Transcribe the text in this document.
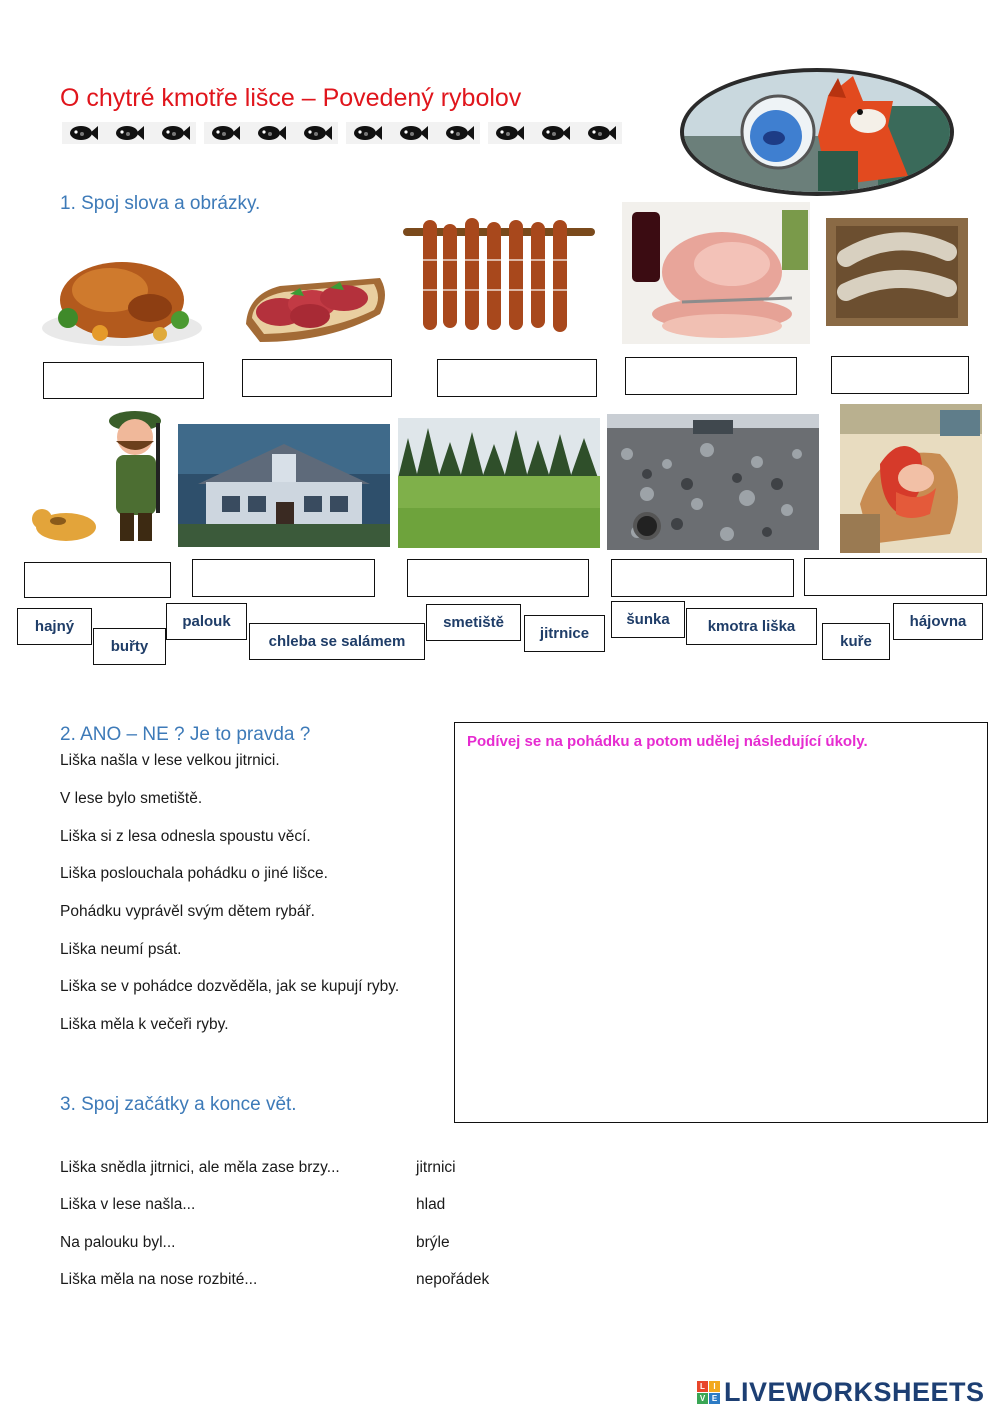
O chytré kmotře lišce – Povedený rybolov
1. Spoj slova a obrázky.
hajný
buřty
palouk
chleba se salámem
smetiště
jitrnice
šunka	kmotra liška
kuře
hájovna
2. ANO – NE ? Je to pravda ?
Liška našla v lese velkou jitrnici.
V lese bylo smetiště.
Liška si z lesa odnesla spoustu věcí.
Liška poslouchala pohádku o jiné lišce.
Pohádku vyprávěl svým dětem rybář.
Liška neumí psát.
Liška se v pohádce dozvěděla, jak se kupují ryby.
Liška měla k večeři ryby.
Podívej se na pohádku a potom udělej následující úkoly.
3. Spoj začátky a konce vět.
Liška snědla jitrnici, ale měla zase brzy...
Liška v lese našla...
Na palouku byl...
Liška měla na nose rozbité...
jitrnici
hlad
brýle
nepořádek
L	I
V E LIVEWORKSHEETS
